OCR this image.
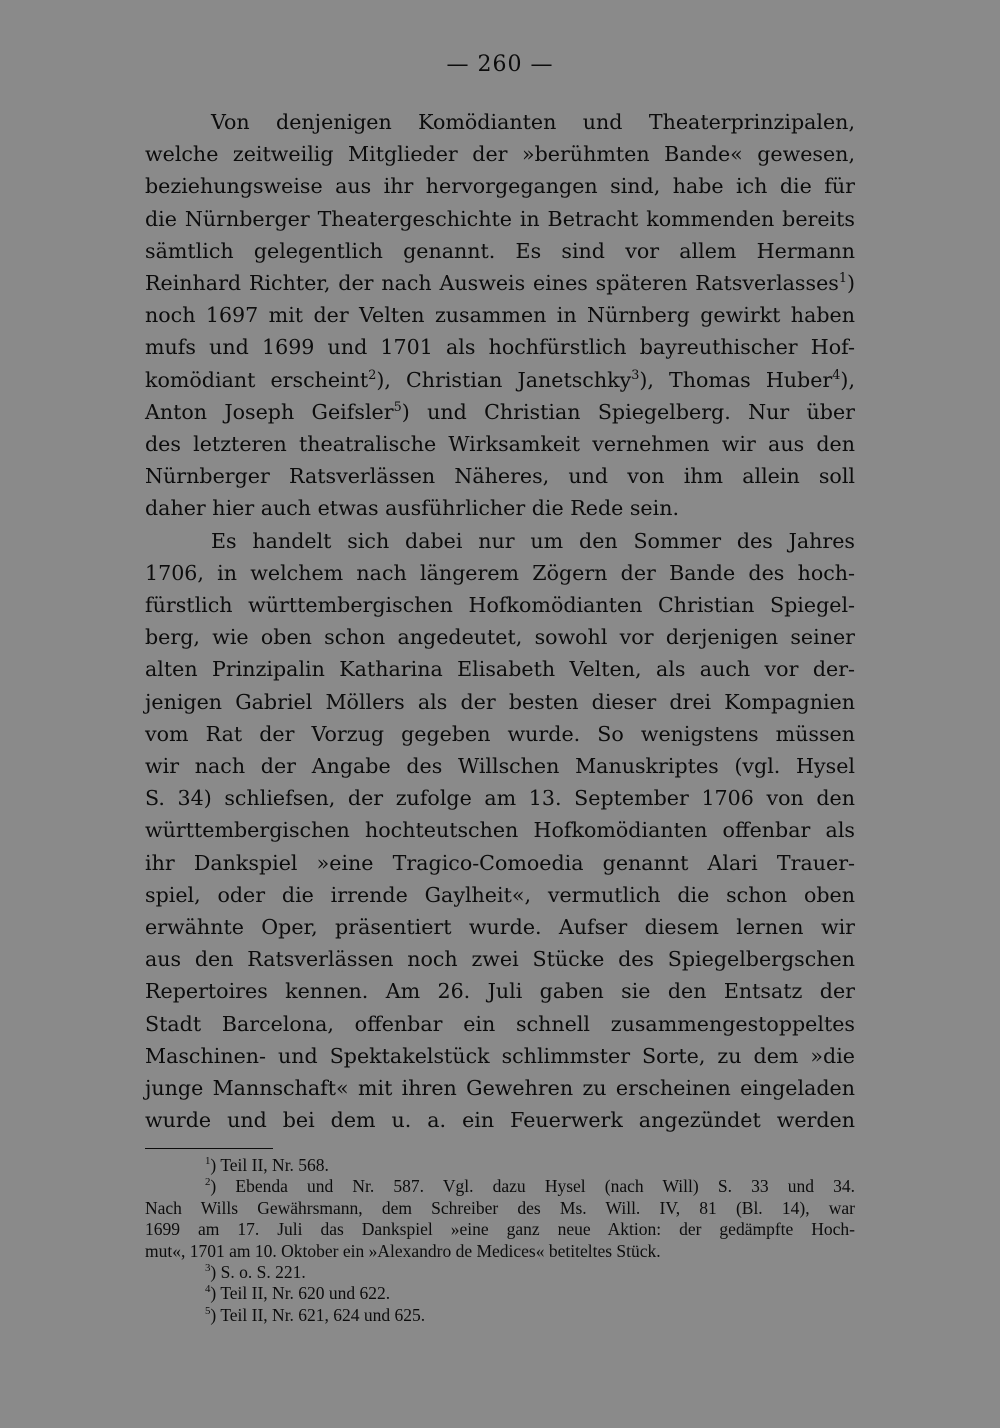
— 260 —
Von denjenigen Komödianten und Theaterprinzipalen,
welche zeitweilig Mitglieder der »berühmten Bande« gewesen,
beziehungsweise aus ihr hervorgegangen sind, habe ich die für
die Nürnberger Theatergeschichte in Betracht kommenden bereits
sämtlich gelegentlich genannt. Es sind vor allem Hermann
Reinhard Richter, der nach Ausweis eines späteren Ratsverlasses$^1$)
noch 1697 mit der Velten zusammen in Nürnberg gewirkt haben
mufs und 1699 und 1701 als hochfürstlich bayreuthischer Hof-
komödiant erscheint$^2$), Christian Janetschky$^3$), Thomas Huber$^4$),
Anton Joseph Geifsler$^5$) und Christian Spiegelberg. Nur über
des letzteren theatralische Wirksamkeit vernehmen wir aus den
Nürnberger Ratsverlässen Näheres, und von ihm allein soll
daher hier auch etwas ausführlicher die Rede sein.
Es handelt sich dabei nur um den Sommer des Jahres
1706, in welchem nach längerem Zögern der Bande des hoch-
fürstlich württembergischen Hofkomödianten Christian Spiegel-
berg, wie oben schon angedeutet, sowohl vor derjenigen seiner
alten Prinzipalin Katharina Elisabeth Velten, als auch vor der-
jenigen Gabriel Möllers als der besten dieser drei Kompagnien
vom Rat der Vorzug gegeben wurde. So wenigstens müssen
wir nach der Angabe des Willschen Manuskriptes (vgl. Hysel
S. 34) schliefsen, der zufolge am 13. September 1706 von den
württembergischen hochteutschen Hofkomödianten offenbar als
ihr Dankspiel »eine Tragico-Comoedia genannt Alari Trauer-
spiel, oder die irrende Gaylheit«, vermutlich die schon oben
erwähnte Oper, präsentiert wurde. Aufser diesem lernen wir
aus den Ratsverlässen noch zwei Stücke des Spiegelbergschen
Repertoires kennen. Am 26. Juli gaben sie den Entsatz der
Stadt Barcelona, offenbar ein schnell zusammengestoppeltes
Maschinen- und Spektakelstück schlimmster Sorte, zu dem »die
junge Mannschaft« mit ihren Gewehren zu erscheinen eingeladen
wurde und bei dem u. a. ein Feuerwerk angezündet werden
$^1$) Teil II, Nr. 568.
$^2$) Ebenda und Nr. 587. Vgl. dazu Hysel (nach Will) S. 33 und 34.
Nach Wills Gewährsmann, dem Schreiber des Ms. Will. IV, 81 (Bl. 14), war
1699 am 17. Juli das Dankspiel »eine ganz neue Aktion: der gedämpfte Hoch-
mut«, 1701 am 10. Oktober ein »Alexandro de Medices« betiteltes Stück.
$^3$) S. o. S. 221.
$^4$) Teil II, Nr. 620 und 622.
$^5$) Teil II, Nr. 621, 624 und 625.
